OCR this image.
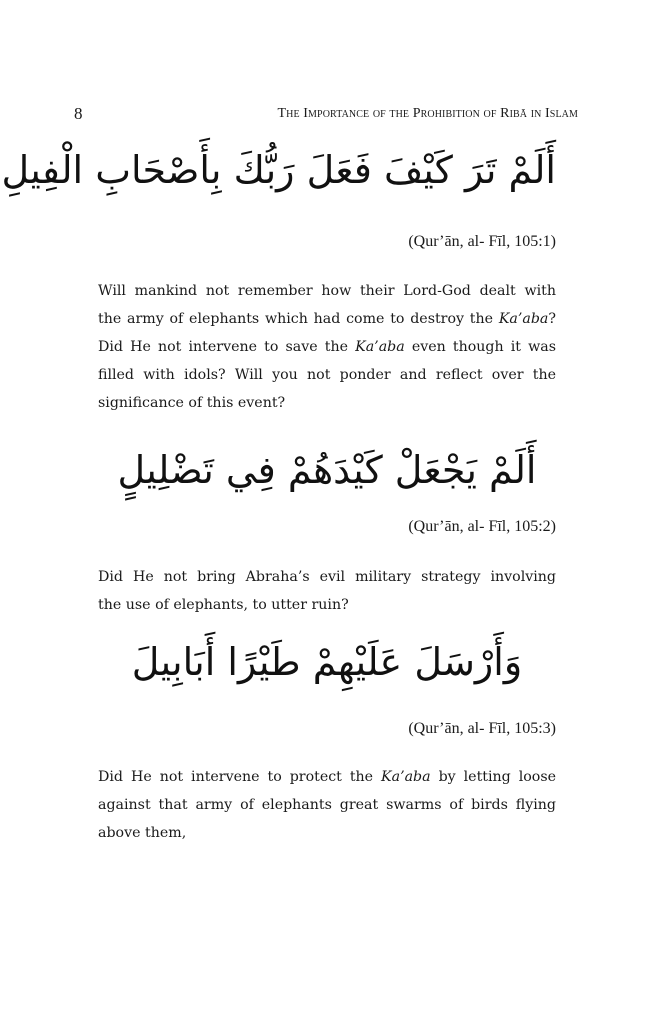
8	The Importance of the Prohibition of Ribā in Islam
أَلَمْ تَرَ كَيْفَ فَعَلَ رَبُّكَ بِأَصْحَابِ الْفِيلِ
(Qur’ān, al- Fīl, 105:1)
Will mankind not remember how their Lord-God dealt with
the army of elephants which had come to destroy the Ka’aba?
Did He not intervene to save the Ka’aba even though it was
filled with idols? Will you not ponder and reflect over the
significance of this event?
أَلَمْ يَجْعَلْ كَيْدَهُمْ فِي تَضْلِيلٍ
(Qur’ān, al- Fīl, 105:2)
Did He not bring Abraha’s evil military strategy involving
the use of elephants, to utter ruin?
وَأَرْسَلَ عَلَيْهِمْ طَيْرًا أَبَابِيلَ
(Qur’ān, al- Fīl, 105:3)
Did He not intervene to protect the Ka’aba by letting loose
against that army of elephants great swarms of birds flying
above them,
